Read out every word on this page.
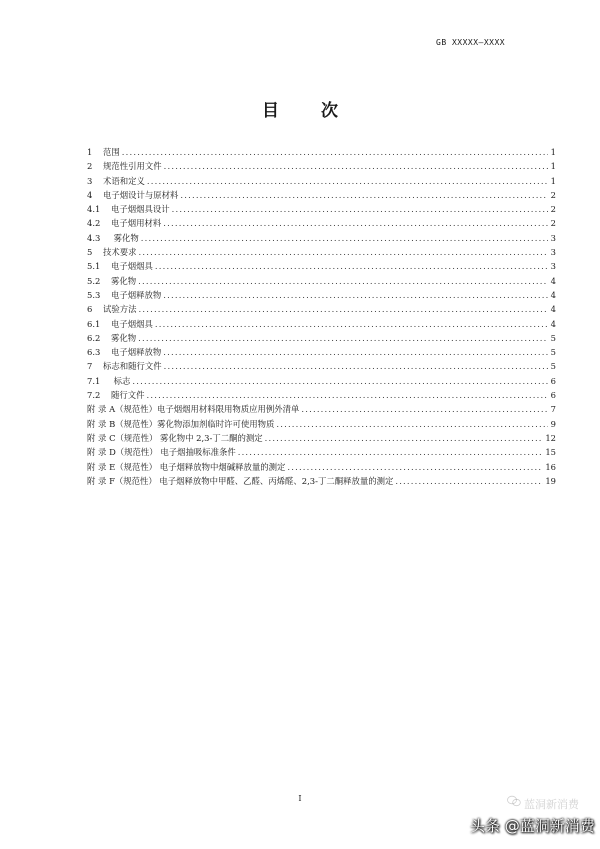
GB XXXXX—XXXX
目 次
1	范围 .....	1
2	规范性引用文件 .....	1
3	术语和定义 .....	1
4	电子烟设计与原材料 .....	2
4.1	电子烟烟具设计 .....	2
4.2	电子烟用材料 .....	2
4.3	雾化物 .....	3
5	技术要求 .....	3
5.1	电子烟烟具 .....	3
5.2	雾化物 .....	4
5.3	电子烟释放物 .....	4
6	试验方法 .....	4
6.1	电子烟烟具 .....	4
6.2	雾化物 .....	5
6.3	电子烟释放物 .....	5
7	标志和随行文件 .....	5
7.1	标志 .....	6
7.2	随行文件 .....	6
附 录 A（规范性）电子烟烟用材料限用物质应用例外清单 .....	7
附 录 B（规范性）雾化物添加剂临时许可使用物质 .....	9
附 录 C（规范性） 雾化物中 2,3-丁二酮的测定 .....	12
附 录 D（规范性） 电子烟抽吸标准条件 .....	15
附 录 E（规范性） 电子烟释放物中烟碱释放量的测定 .....	16
附 录 F（规范性） 电子烟释放物中甲醛、乙醛、丙烯醛、2,3-丁二酮释放量的测定 .....	19
I	蓝洞新消费
头条 @蓝洞新消费
